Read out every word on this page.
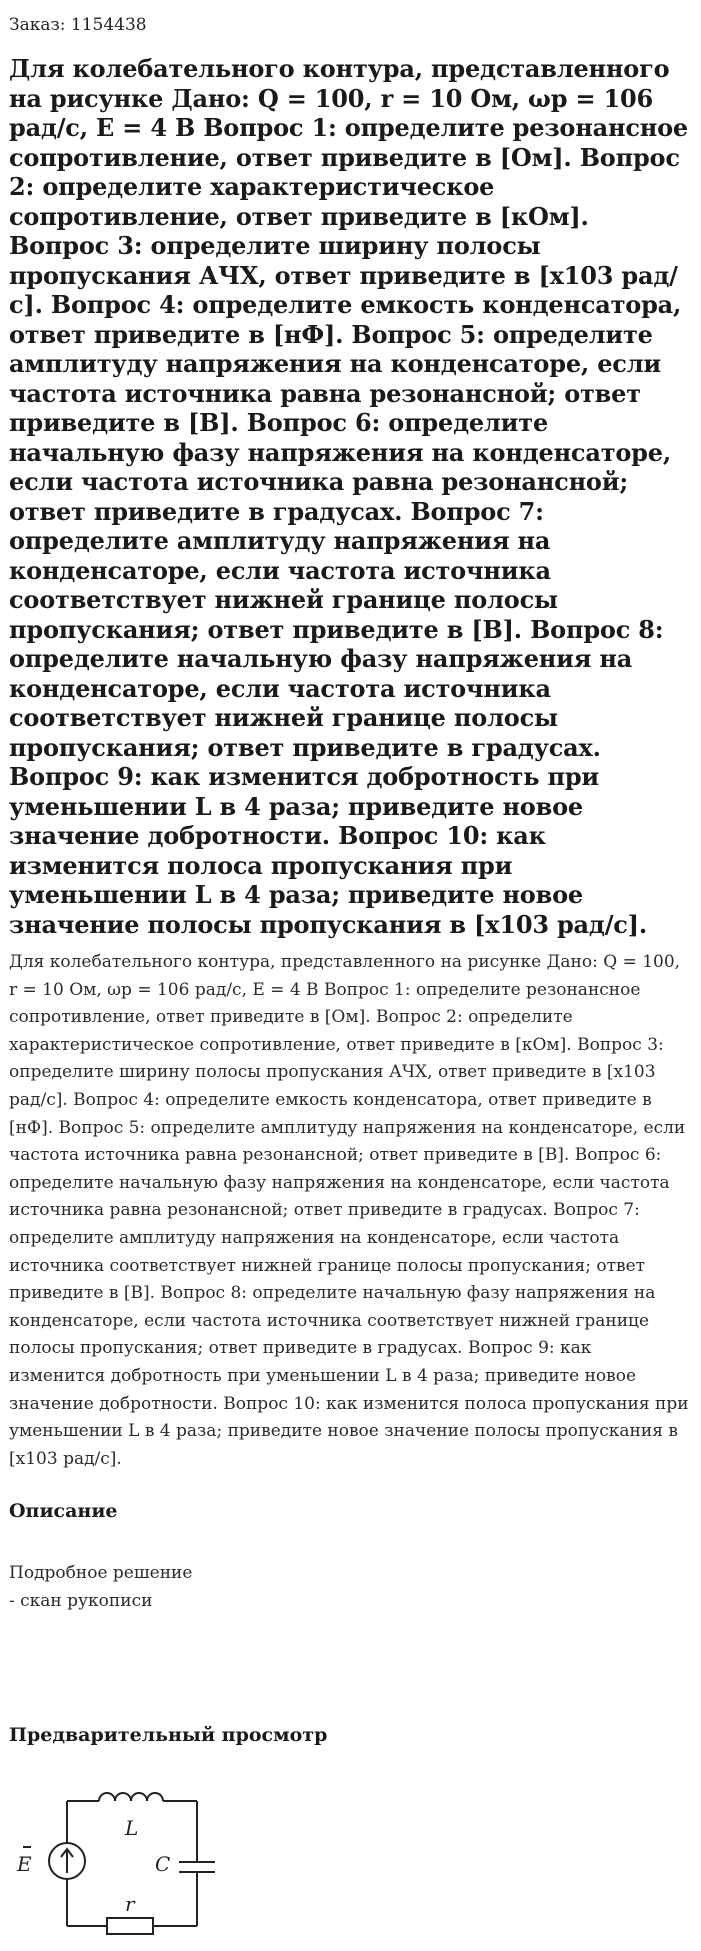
Заказ: 1154438
Для колебательного контура, представленного на рисунке Дано: Q = 100, r = 10 Ом, ωр = 106 рад/с, E = 4 В Вопрос 1: определите резонансное сопротивление, ответ приведите в [Ом]. Вопрос 2: определите характеристическое сопротивление, ответ приведите в [кОм]. Вопрос 3: определите ширину полосы пропускания АЧХ, ответ приведите в [х103 рад/с]. Вопрос 4: определите емкость конденсатора, ответ приведите в [нФ]. Вопрос 5: определите амплитуду напряжения на конденсаторе, если частота источника равна резонансной; ответ приведите в [В]. Вопрос 6: определите начальную фазу напряжения на конденсаторе, если частота источника равна резонансной; ответ приведите в градусах. Вопрос 7: определите амплитуду напряжения на конденсаторе, если частота источника соответствует нижней границе полосы пропускания; ответ приведите в [В]. Вопрос 8: определите начальную фазу напряжения на конденсаторе, если частота источника соответствует нижней границе полосы пропускания; ответ приведите в градусах. Вопрос 9: как изменится добротность при уменьшении L в 4 раза; приведите новое значение добротности. Вопрос 10: как изменится полоса пропускания при уменьшении L в 4 раза; приведите новое значение полосы пропускания в [х103 рад/с].

Для колебательного контура, представленного на рисунке Дано: Q = 100, r = 10 Ом, ωр = 106 рад/с, E = 4 В Вопрос 1: определите резонансное сопротивление, ответ приведите в [Ом]. Вопрос 2: определите характеристическое сопротивление, ответ приведите в [кОм]. Вопрос 3: определите ширину полосы пропускания АЧХ, ответ приведите в [х103 рад/с]. Вопрос 4: определите емкость конденсатора, ответ приведите в [нФ]. Вопрос 5: определите амплитуду напряжения на конденсаторе, если частота источника равна резонансной; ответ приведите в [В]. Вопрос 6: определите начальную фазу напряжения на конденсаторе, если частота источника равна резонансной; ответ приведите в градусах. Вопрос 7: определите амплитуду напряжения на конденсаторе, если частота источника соответствует нижней границе полосы пропускания; ответ приведите в [В]. Вопрос 8: определите начальную фазу напряжения на конденсаторе, если частота источника соответствует нижней границе полосы пропускания; ответ приведите в градусах. Вопрос 9: как изменится добротность при уменьшении L в 4 раза; приведите новое значение добротности. Вопрос 10: как изменится полоса пропускания при уменьшении L в 4 раза; приведите новое значение полосы пропускания в [х103 рад/с].

Описание
Подробное решение
- скан рукописи
Предварительный просмотр
L
C
E
r
